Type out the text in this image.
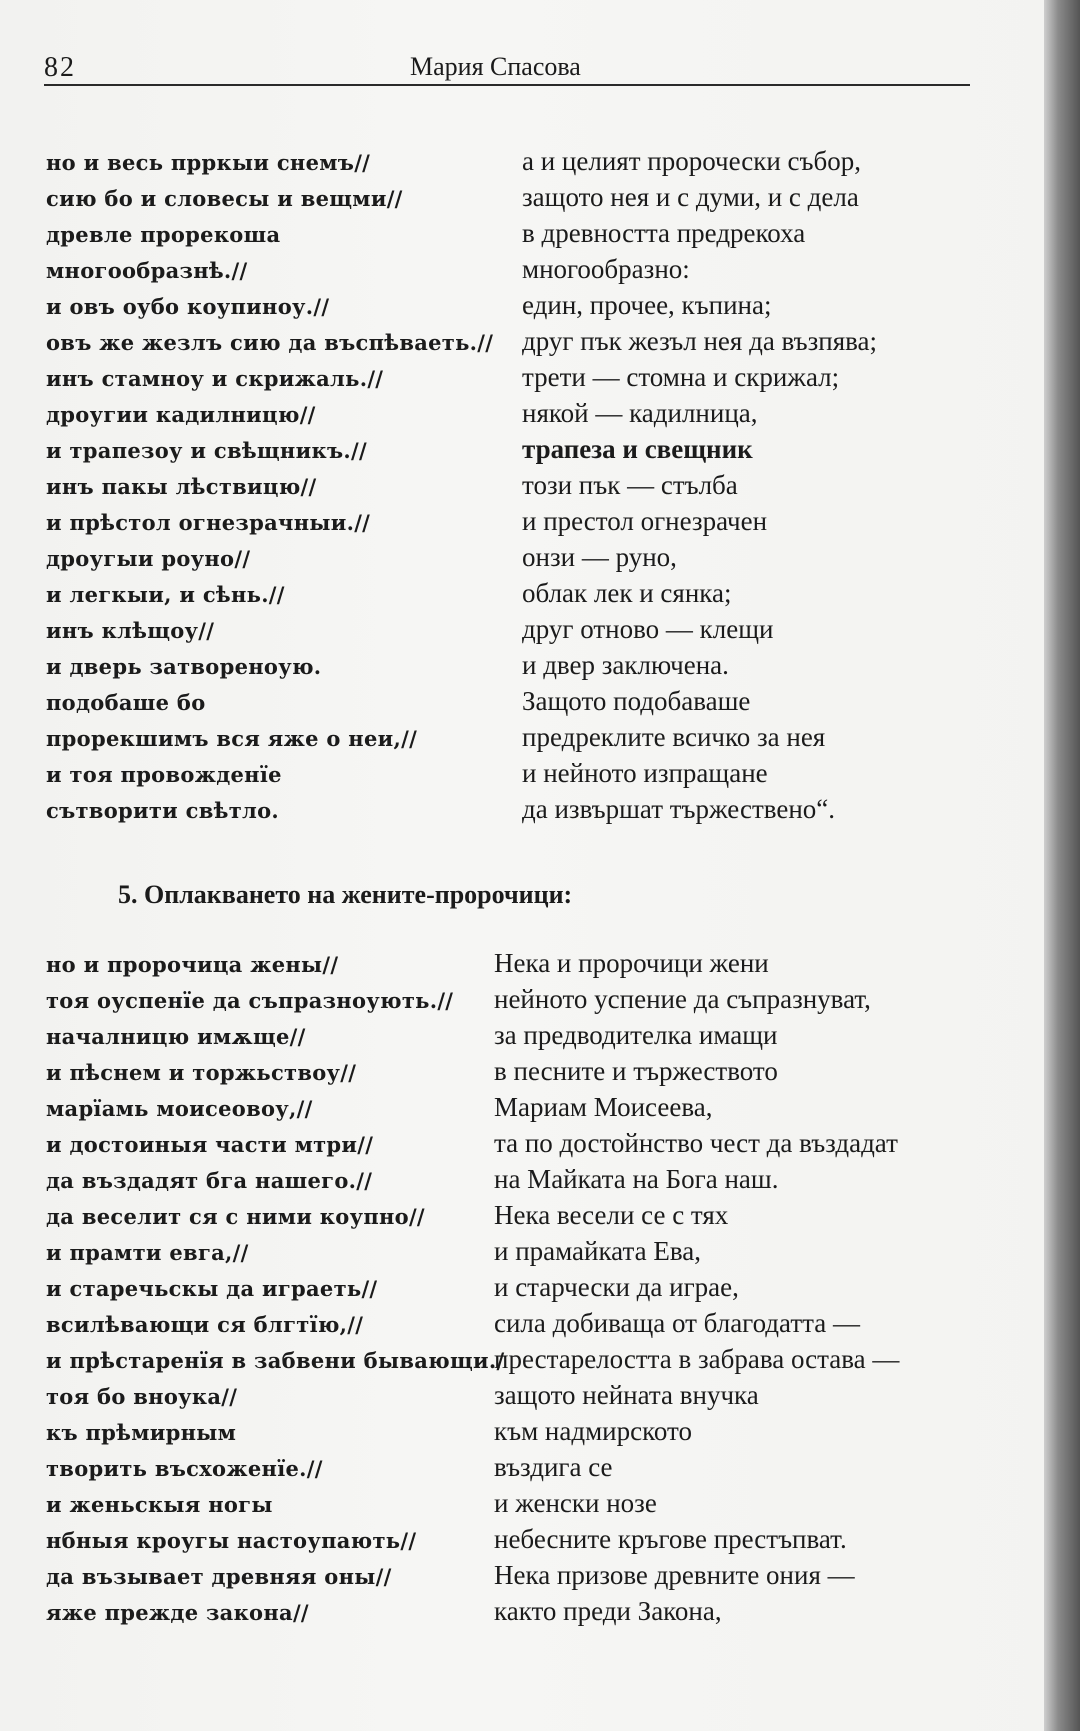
82	Мария Спасова
но и весь прркыи снемъ//
сию бо и словесы и вещми//
древле прорекоша
многообразнѣ.//
и овъ оубо коупиноу.//
овъ же жезлъ сию да въспѣваеть.//
инъ стамноу и скрижаль.//
дроугии кадилницю//
и трапезоу и свѣщникъ.//
инъ пакы лѣствицю//
и прѣстол огнезрачныи.//
дроугыи роуно//
и легкыи, и сѣнь.//
инъ клѣщоу//
и дверь затвореноую.
подобаше бо
прорекшимъ вся яже о неи,//
и тоя провожденїе
сътворити свѣтло.
а и целият пророчески събор,
защото нея и с думи, и с дела
в древността предрекоха
многообразно:
един, прочее, къпина;
друг пък жезъл нея да възпява;
трети — стомна и скрижал;
някой — кадилница,
трапеза и свещник
този пък — стълба
и престол огнезрачен
онзи — руно,
облак лек и сянка;
друг отново — клещи
и двер заключена.
Защото подобаваше
предреклите всичко за нея
и нейното изпращане
да извършат тържествено“.
5. Оплакването на жените-пророчици:
но и пророчица жены//
тоя оуспенїе да съпразноують.//
началницю имѫще//
и пѣснем и торжьствоу//
марїамь моисеовоу,//
и достоиныя части мтри//
да въздадят бга нашего.//
да веселит ся с ними коупно//
и прамти евга,//
и старечьскы да играеть//
всилѣвающи ся блгтїю,//
и прѣстаренїя в забвени бывающи./
тоя бо вноука//
къ прѣмирным
творить въсхоженїе.//
и женьскыя ногы
нбныя кроугы настоупають//
да възывает древняя оны//
яже прежде закона//
Нека и пророчици жени
нейното успение да съпразнуват,
за предводителка имащи
в песните и тържеството
Мариам Моисеева,
та по достойнство чест да въздадат
на Майката на Бога наш.
Нека весели се с тях
и прамайката Ева,
и старчески да играе,
сила добиваща от благодатта —
престарелостта в забрава остава —
защото нейната внучка
към надмирското
въздига се
и женски нозе
небесните кръгове престъпват.
Нека призове древните ония —
както преди Закона,
